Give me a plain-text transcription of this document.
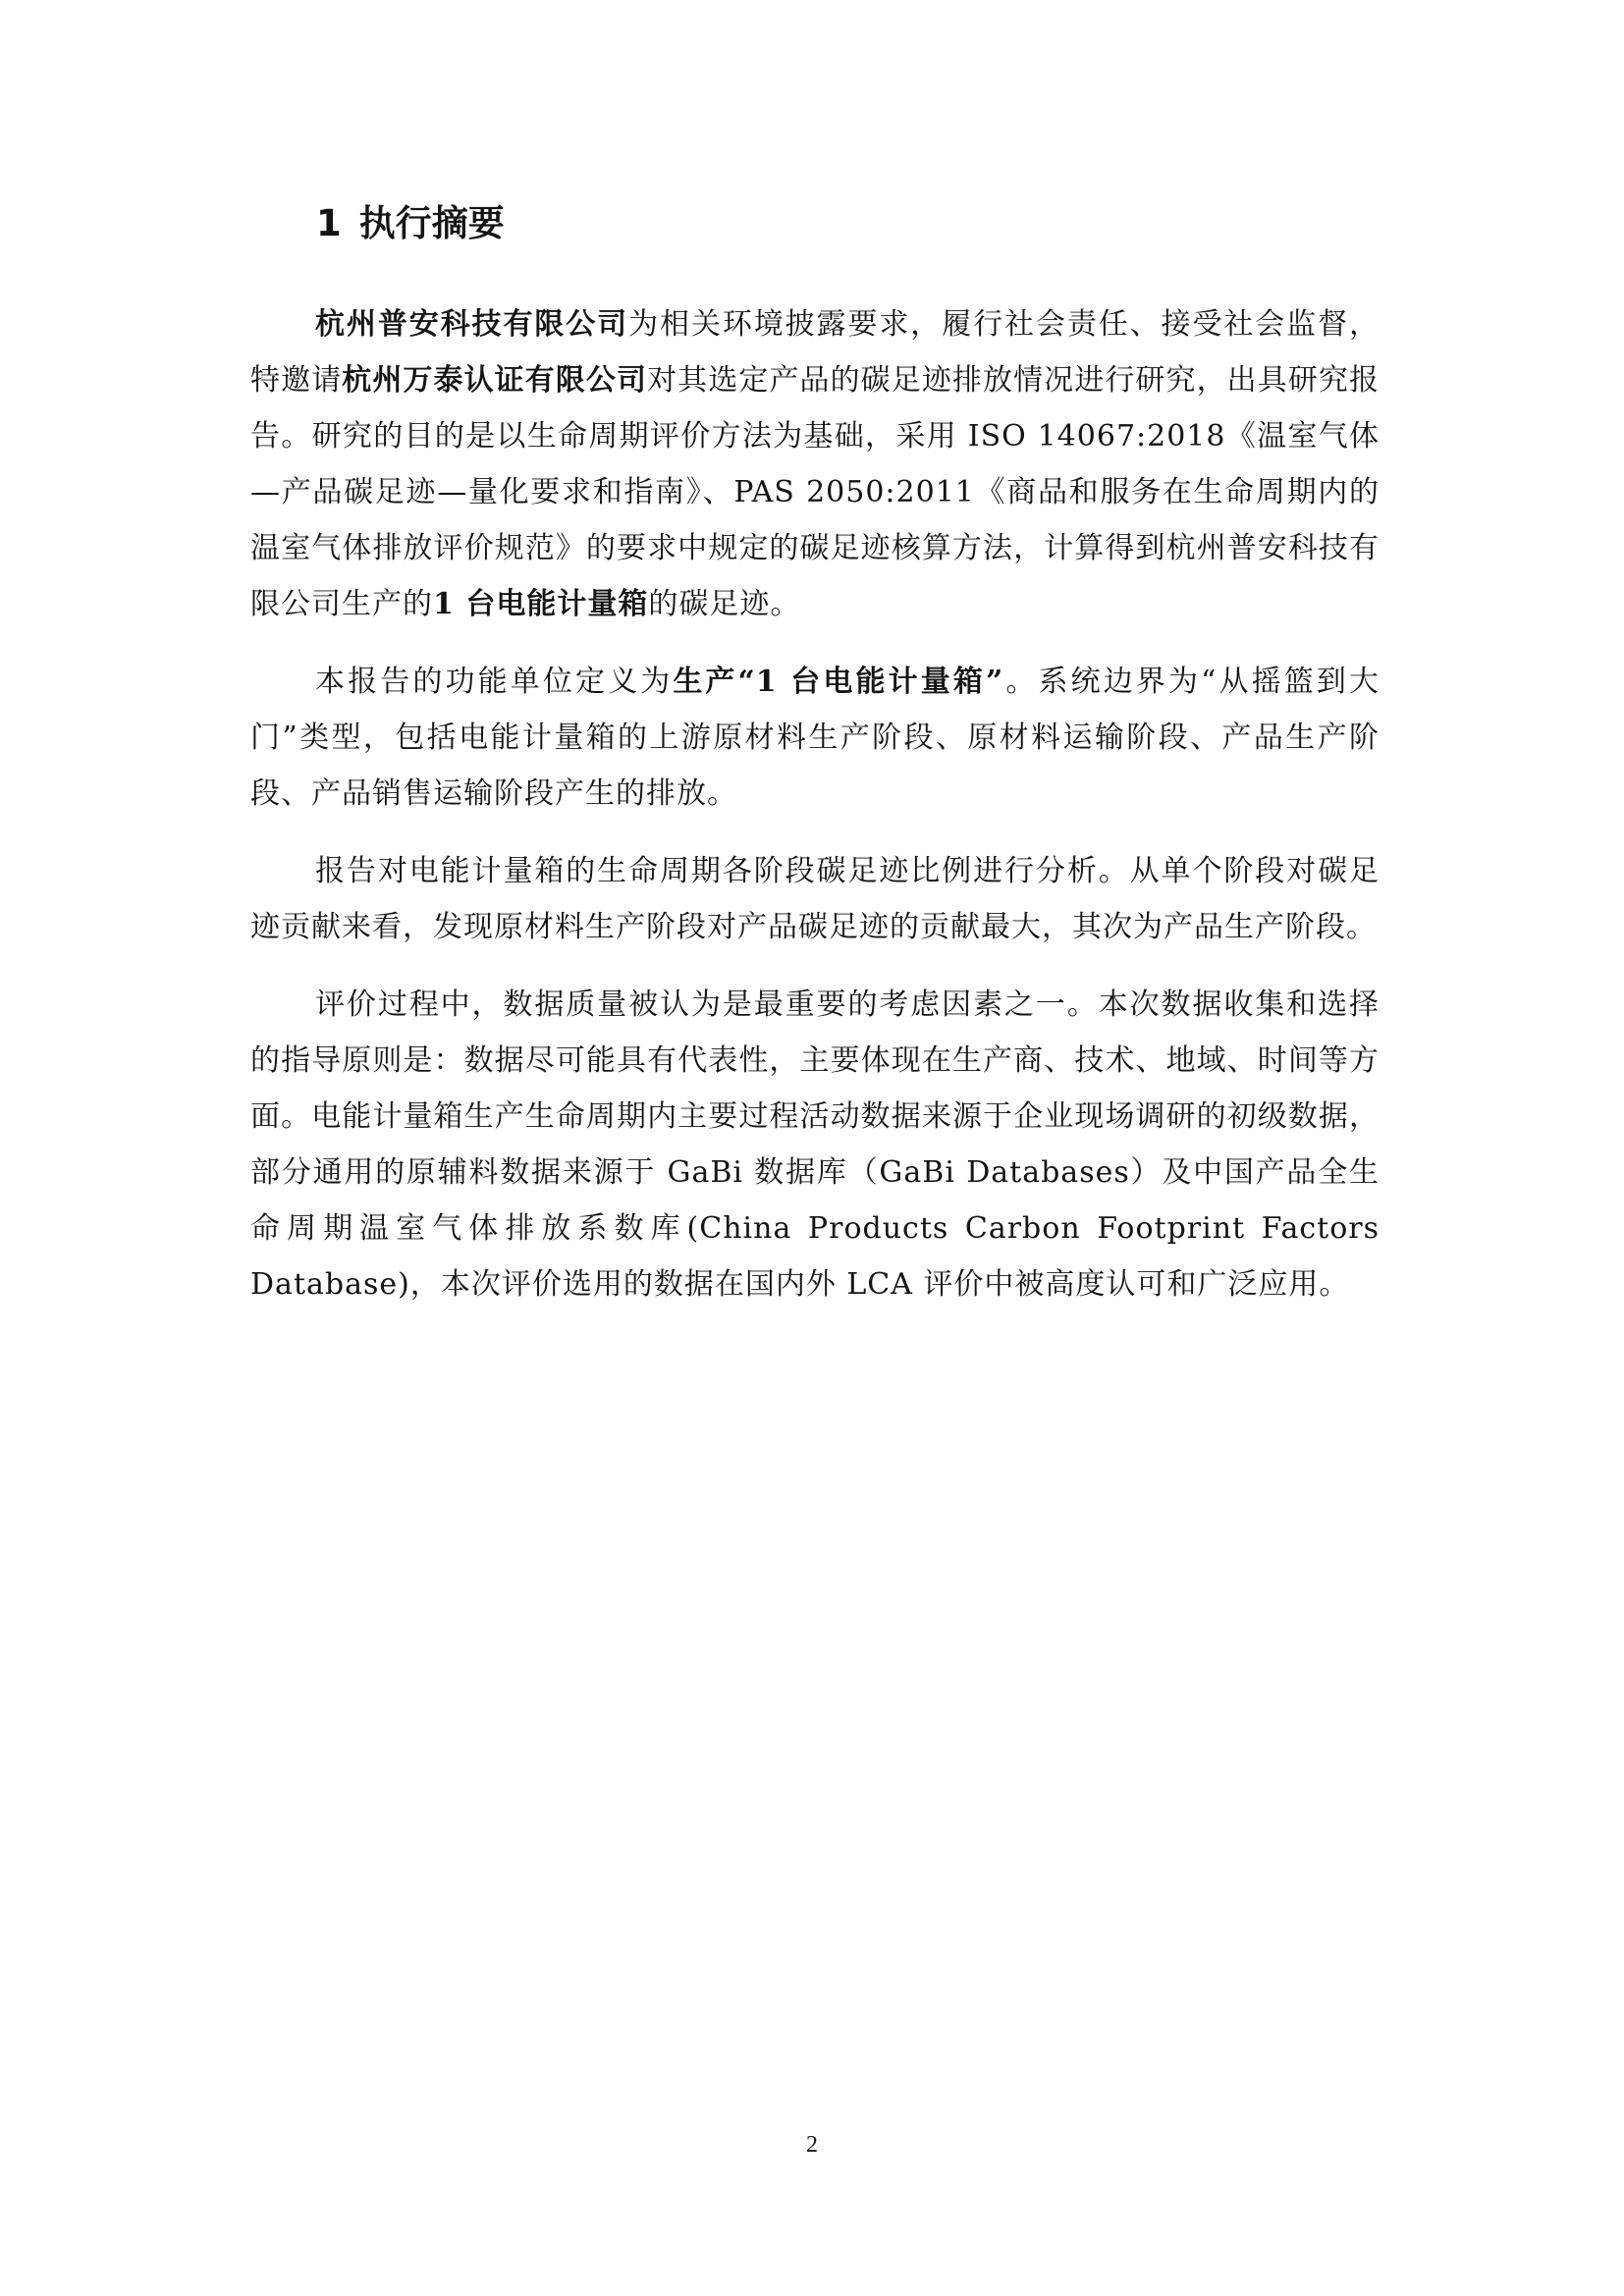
1 执行摘要

杭州普安科技有限公司为相关环境披露要求，履行社会责任、接受社会监督，特邀请杭州万泰认证有限公司对其选定产品的碳足迹排放情况进行研究，出具研究报告。研究的目的是以生命周期评价方法为基础，采用 ISO 14067:2018《温室气体—产品碳足迹—量化要求和指南》、PAS 2050:2011《商品和服务在生命周期内的温室气体排放评价规范》的要求中规定的碳足迹核算方法，计算得到杭州普安科技有限公司生产的1 台电能计量箱的碳足迹。

本报告的功能单位定义为生产“1 台电能计量箱”。系统边界为“从摇篮到大门”类型，包括电能计量箱的上游原材料生产阶段、原材料运输阶段、产品生产阶段、产品销售运输阶段产生的排放。

报告对电能计量箱的生命周期各阶段碳足迹比例进行分析。从单个阶段对碳足迹贡献来看，发现原材料生产阶段对产品碳足迹的贡献最大，其次为产品生产阶段。

评价过程中，数据质量被认为是最重要的考虑因素之一。本次数据收集和选择的指导原则是：数据尽可能具有代表性，主要体现在生产商、技术、地域、时间等方面。电能计量箱生产生命周期内主要过程活动数据来源于企业现场调研的初级数据，部分通用的原辅料数据来源于 GaBi 数据库（GaBi Databases）及中国产品全生命周期温室气体排放系数库(China Products Carbon Footprint Factors Database)，本次评价选用的数据在国内外 LCA 评价中被高度认可和广泛应用。

2
